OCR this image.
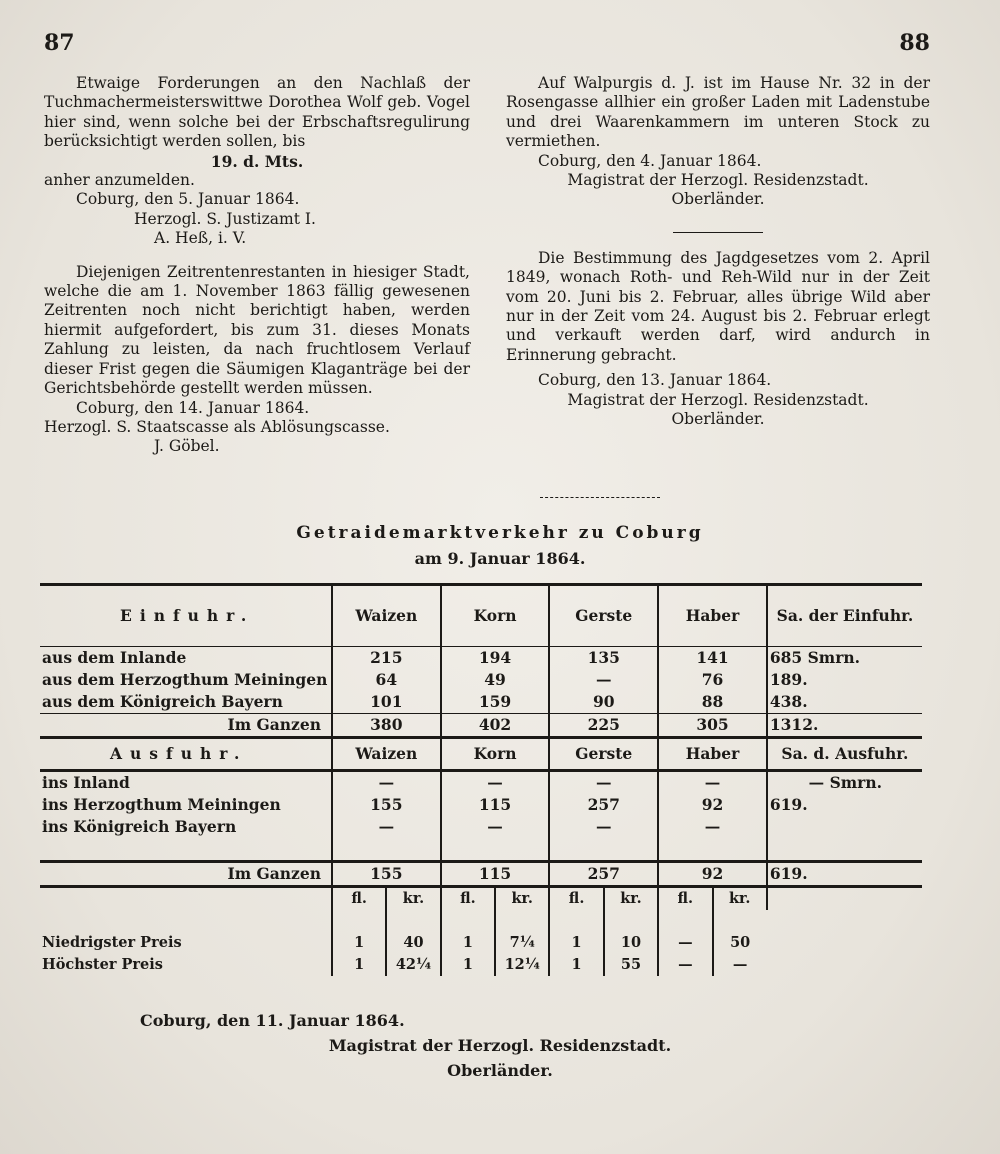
87	88

Etwaige Forderungen an den Nachlaß der Tuchmachermeisterswittwe Dorothea Wolf geb. Vogel hier sind, wenn solche bei der Erbschaftsregulirung berücksichtigt werden sollen, bis

19. d. Mts.

anher anzumelden.

Coburg, den 5. Januar 1864.

Herzogl. S. Justizamt I.

A. Heß, i. V.

Diejenigen Zeitrentenrestanten in hiesiger Stadt, welche die am 1. November 1863 fällig gewesenen Zeitrenten noch nicht berichtigt haben, werden hiermit aufgefordert, bis zum 31. dieses Monats Zahlung zu leisten, da nach fruchtlosem Verlauf dieser Frist gegen die Säumigen Klaganträge bei der Gerichtsbehörde gestellt werden müssen.

Coburg, den 14. Januar 1864.

Herzogl. S. Staatscasse als Ablösungscasse.

J. Göbel.

Auf Walpurgis d. J. ist im Hause Nr. 32 in der Rosengasse allhier ein großer Laden mit Ladenstube und drei Waarenkammern im unteren Stock zu vermiethen.

Coburg, den 4. Januar 1864.

Magistrat der Herzogl. Residenzstadt.

Oberländer.

Die Bestimmung des Jagdgesetzes vom 2. April 1849, wonach Roth- und Reh-Wild nur in der Zeit vom 20. Juni bis 2. Februar, alles übrige Wild aber nur in der Zeit vom 24. August bis 2. Februar erlegt und verkauft werden darf, wird andurch in Erinnerung gebracht.

Coburg, den 13. Januar 1864.

Magistrat der Herzogl. Residenzstadt.

Oberländer.

Getraidemarktverkehr zu Coburg
am 9. Januar 1864.
Einfuhr.	Waizen		Korn		Gerste		Haber		Sa. der Einfuhr.
aus dem Inlande	215		194		135		141		685 Smrn.
aus dem Herzogthum Meiningen	64		49		—		76		189.
aus dem Königreich Bayern	101		159		90		88		438.
Im Ganzen	380		402		225		305		1312.
Ausfuhr.	Waizen		Korn		Gerste		Haber		Sa. d. Ausfuhr.
ins Inland	—		—		—		—		— Smrn.
ins Herzogthum Meiningen	155		115		257		92		619.
ins Königreich Bayern	—		—		—		—		

Im Ganzen	155		115		257		92		619.
	fl.	kr.	fl.	kr.	fl.	kr.	fl.	kr.	

Niedrigster Preis	1	40	1	7¼	1	10	—	50	
Höchster Preis	1	42¼	1	12¼	1	55	—	—	
Coburg, den 11. Januar 1864.
Magistrat der Herzogl. Residenzstadt.
Oberländer.
